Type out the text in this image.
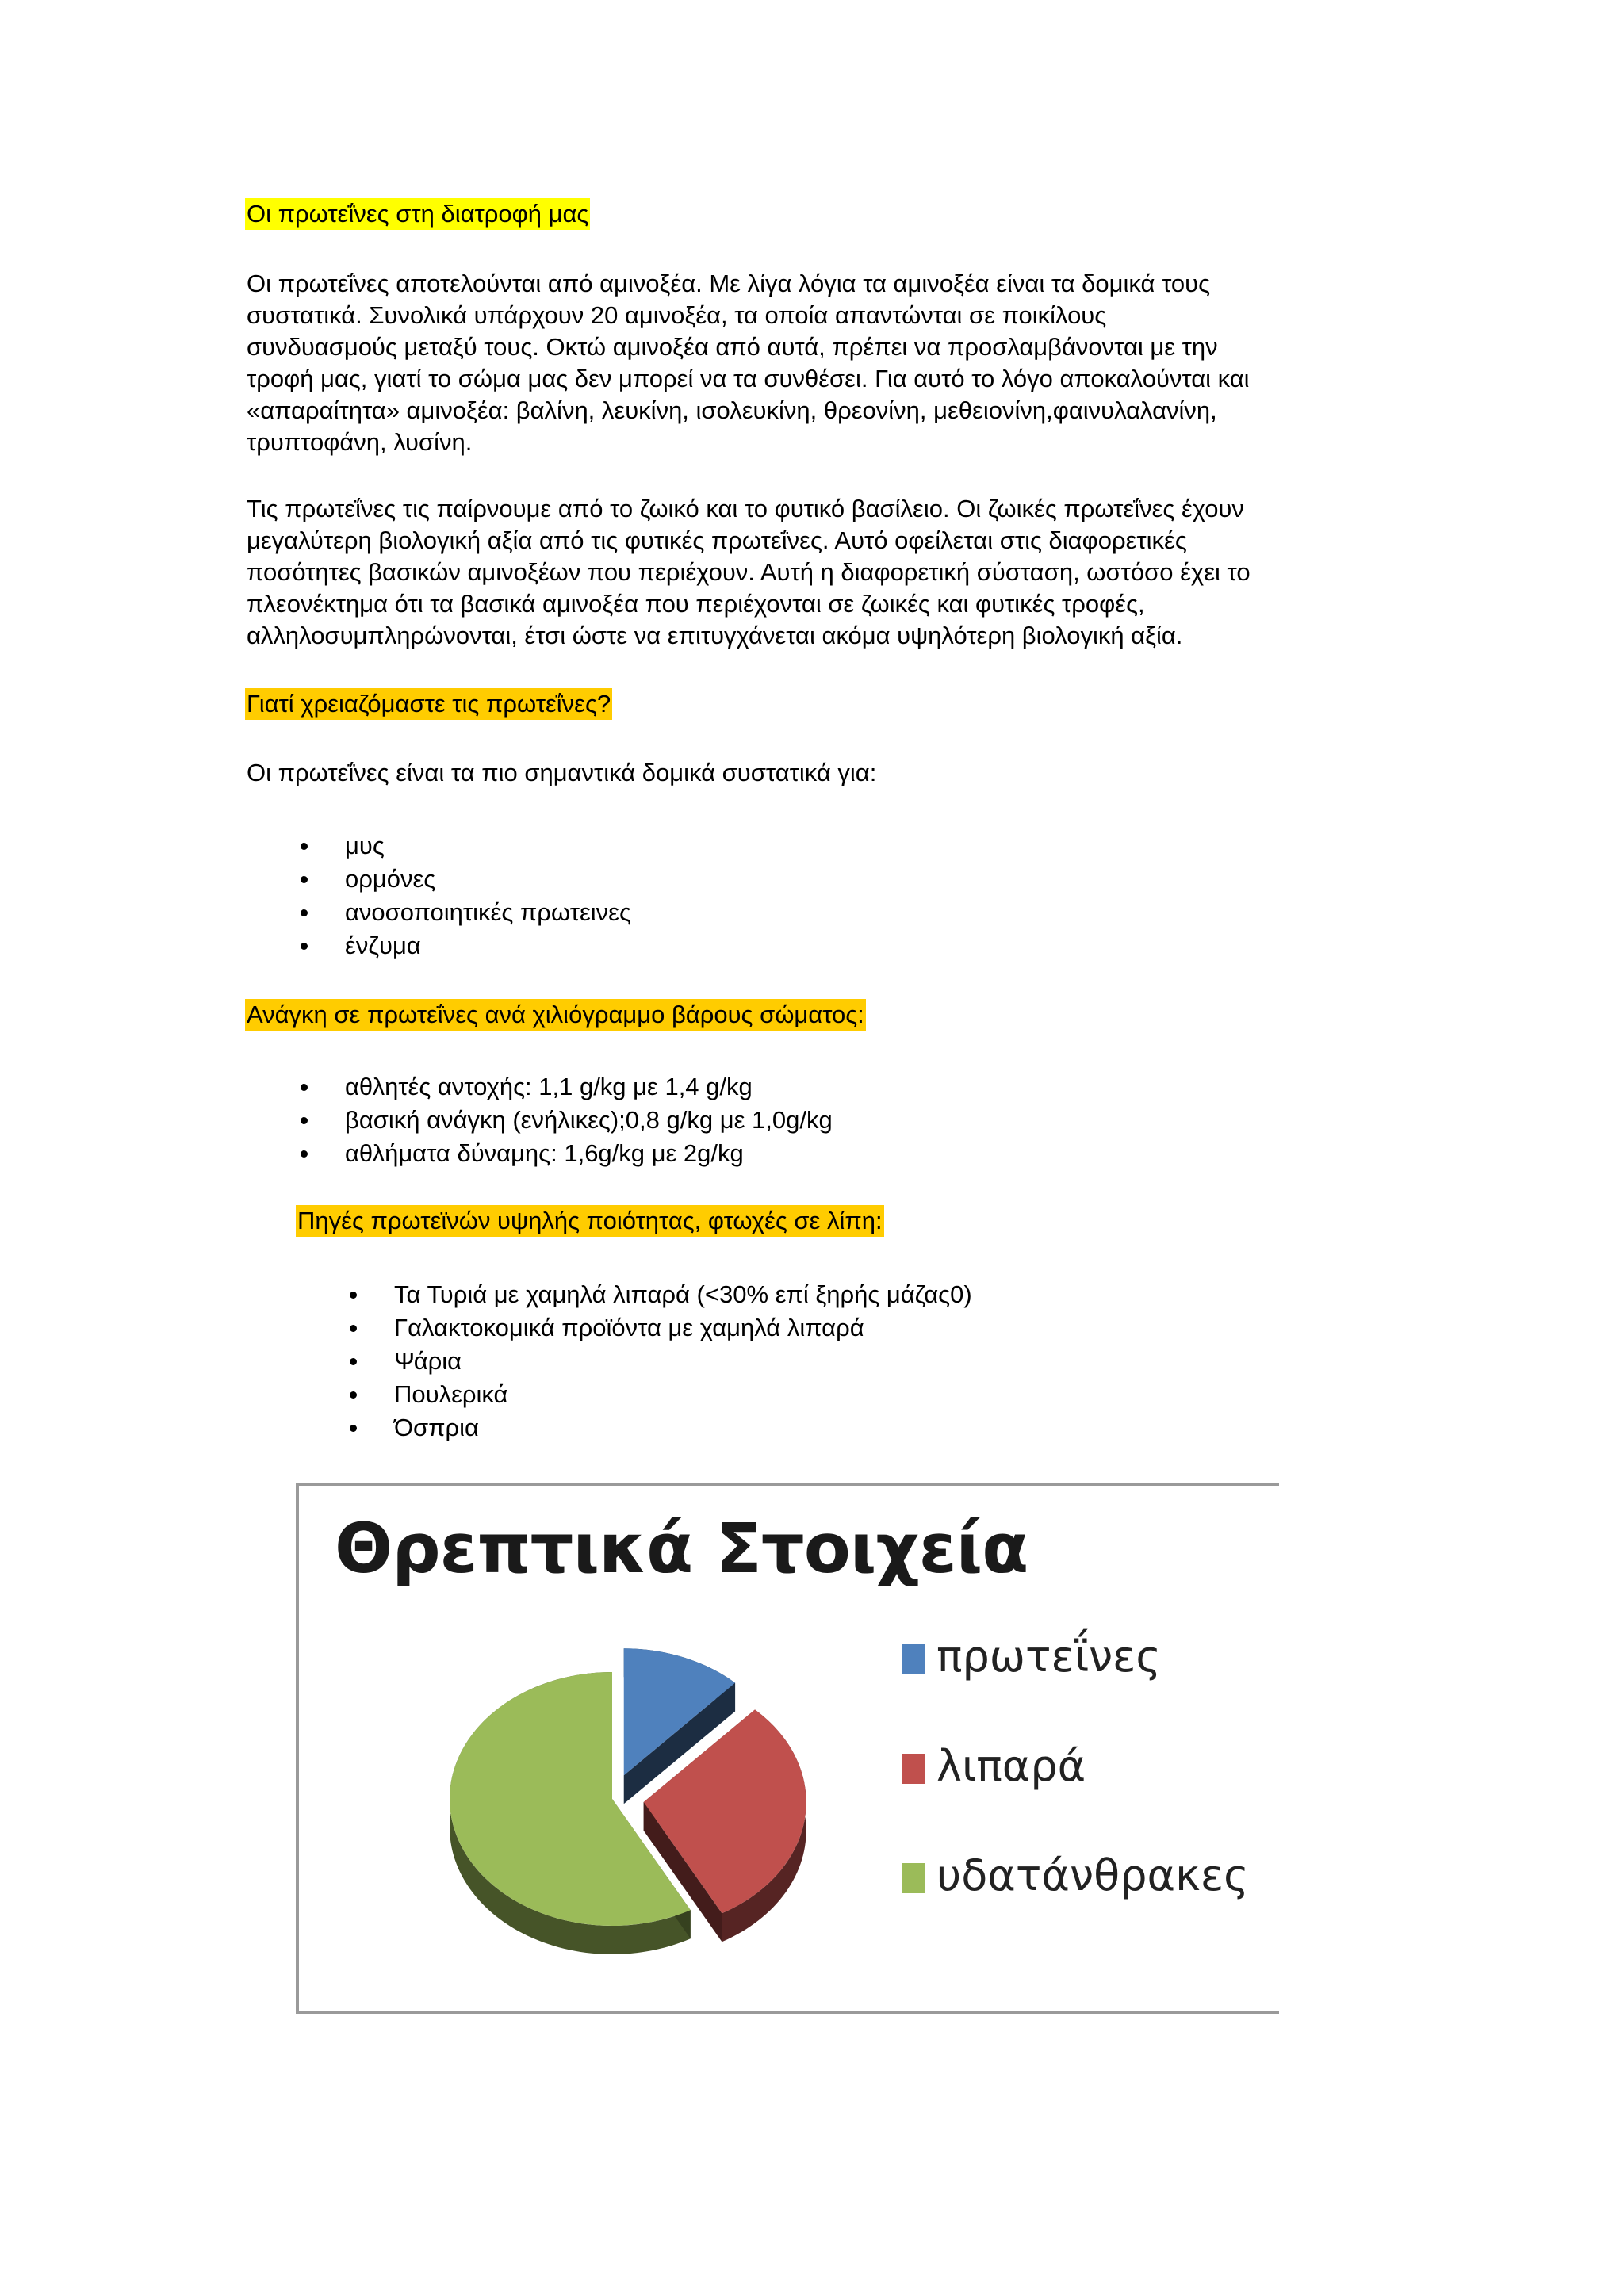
Οι πρωτεΐνες στη διατροφή μας

Οι πρωτεΐνες αποτελούνται από αμινοξέα. Με λίγα λόγια τα αμινοξέα είναι τα δομικά τους
συστατικά. Συνολικά υπάρχουν 20 αμινοξέα, τα οποία απαντώνται σε ποικίλους
συνδυασμούς μεταξύ τους. Οκτώ αμινοξέα από αυτά, πρέπει να προσλαμβάνονται με την
τροφή μας, γιατί το σώμα μας δεν μπορεί να τα συνθέσει. Για αυτό το λόγο αποκαλούνται και
«απαραίτητα» αμινοξέα: βαλίνη, λευκίνη, ισολευκίνη, θρεονίνη, μεθειονίνη,φαινυλαλανίνη,
τρυπτοφάνη, λυσίνη.

Τις πρωτεΐνες τις παίρνουμε από το ζωικό και το φυτικό βασίλειο. Οι ζωικές πρωτεΐνες έχουν
μεγαλύτερη βιολογική αξία από τις φυτικές πρωτεΐνες. Αυτό οφείλεται στις διαφορετικές
ποσότητες βασικών αμινοξέων που περιέχουν. Αυτή η διαφορετική σύσταση, ωστόσο έχει το
πλεονέκτημα ότι τα βασικά αμινοξέα που περιέχονται σε ζωικές και φυτικές τροφές,
αλληλοσυμπληρώνονται, έτσι ώστε να επιτυγχάνεται ακόμα υψηλότερη βιολογική αξία.

Γιατί χρειαζόμαστε τις πρωτεΐνες?

Οι πρωτεΐνες είναι τα πιο σημαντικά δομικά συστατικά για:

μυς
ορμόνες
ανοσοποιητικές πρωτεινες
ένζυμα
Ανάγκη σε πρωτεΐνες ανά χιλιόγραμμο βάρους σώματος:
αθλητές αντοχής: 1,1 g/kg με 1,4 g/kg
βασική ανάγκη (ενήλικες);0,8 g/kg με 1,0g/kg
αθλήματα δύναμης: 1,6g/kg με 2g/kg
Πηγές πρωτεϊνών υψηλής ποιότητας, φτωχές σε λίπη:
Τα Τυριά με χαμηλά λιπαρά (<30% επί ξηρής μάζας0)
Γαλακτοκομικά προϊόντα με χαμηλά λιπαρά
Ψάρια
Πουλερικά
Όσπρια
Θρεπτικά Στοιχεία
πρωτεΐνες
λιπαρά
υδατάνθρακες
